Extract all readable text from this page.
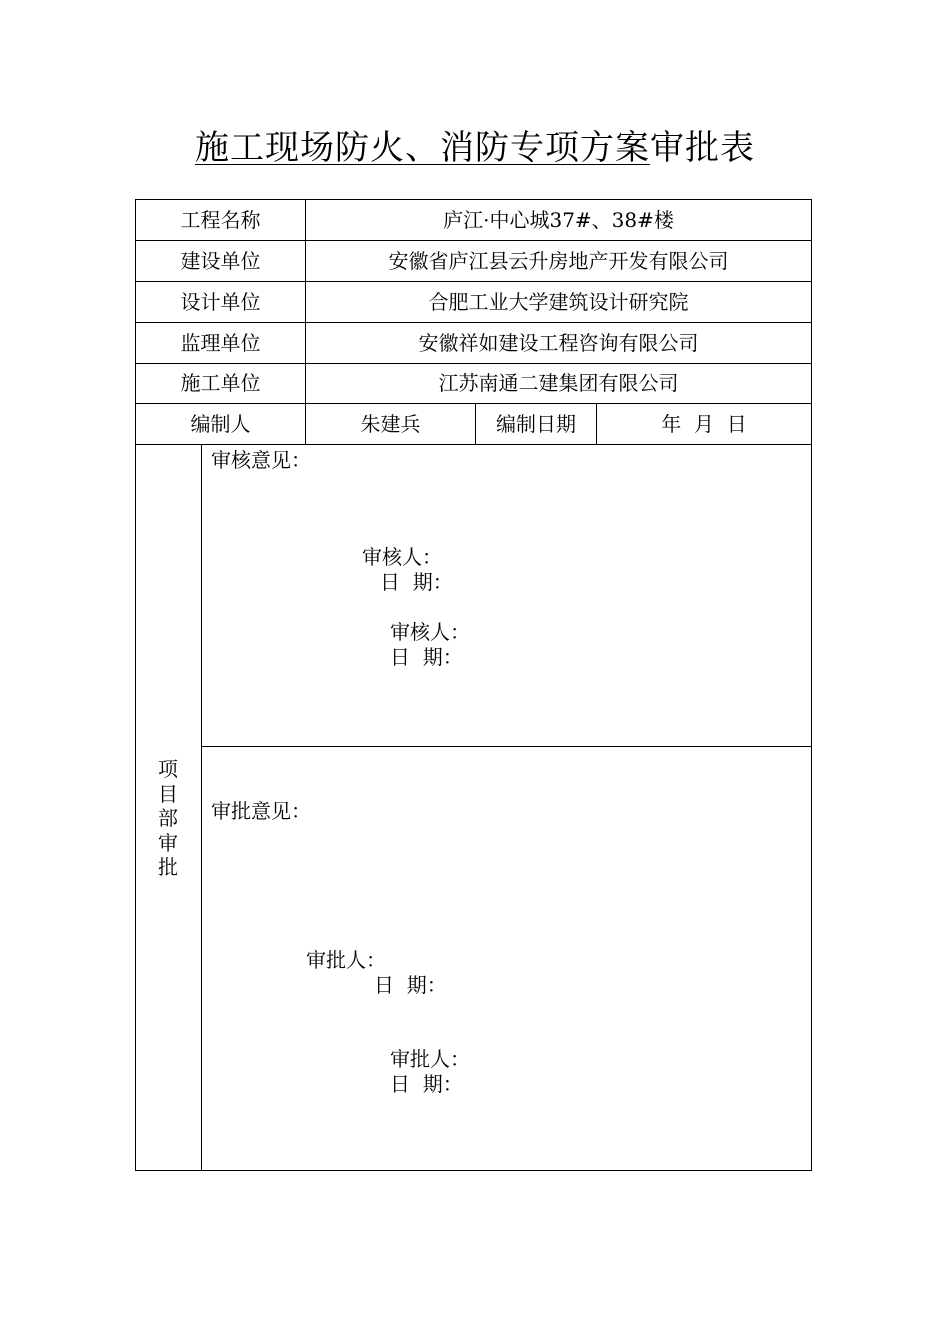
施工现场防火、消防专项方案审批表
工程名称	庐江·中心城37#、38#楼
建设单位	安徽省庐江县云升房地产开发有限公司
设计单位	合肥工业大学建筑设计研究院
监理单位	安徽祥如建设工程咨询有限公司
施工单位	江苏南通二建集团有限公司
编制人	朱建兵	编制日期	年  月  日
项
目
部
审
批
审核意见：
审核人：
日  期：
审核人：
日  期：
审批意见：
审批人：
日  期：
审批人：
日  期：
